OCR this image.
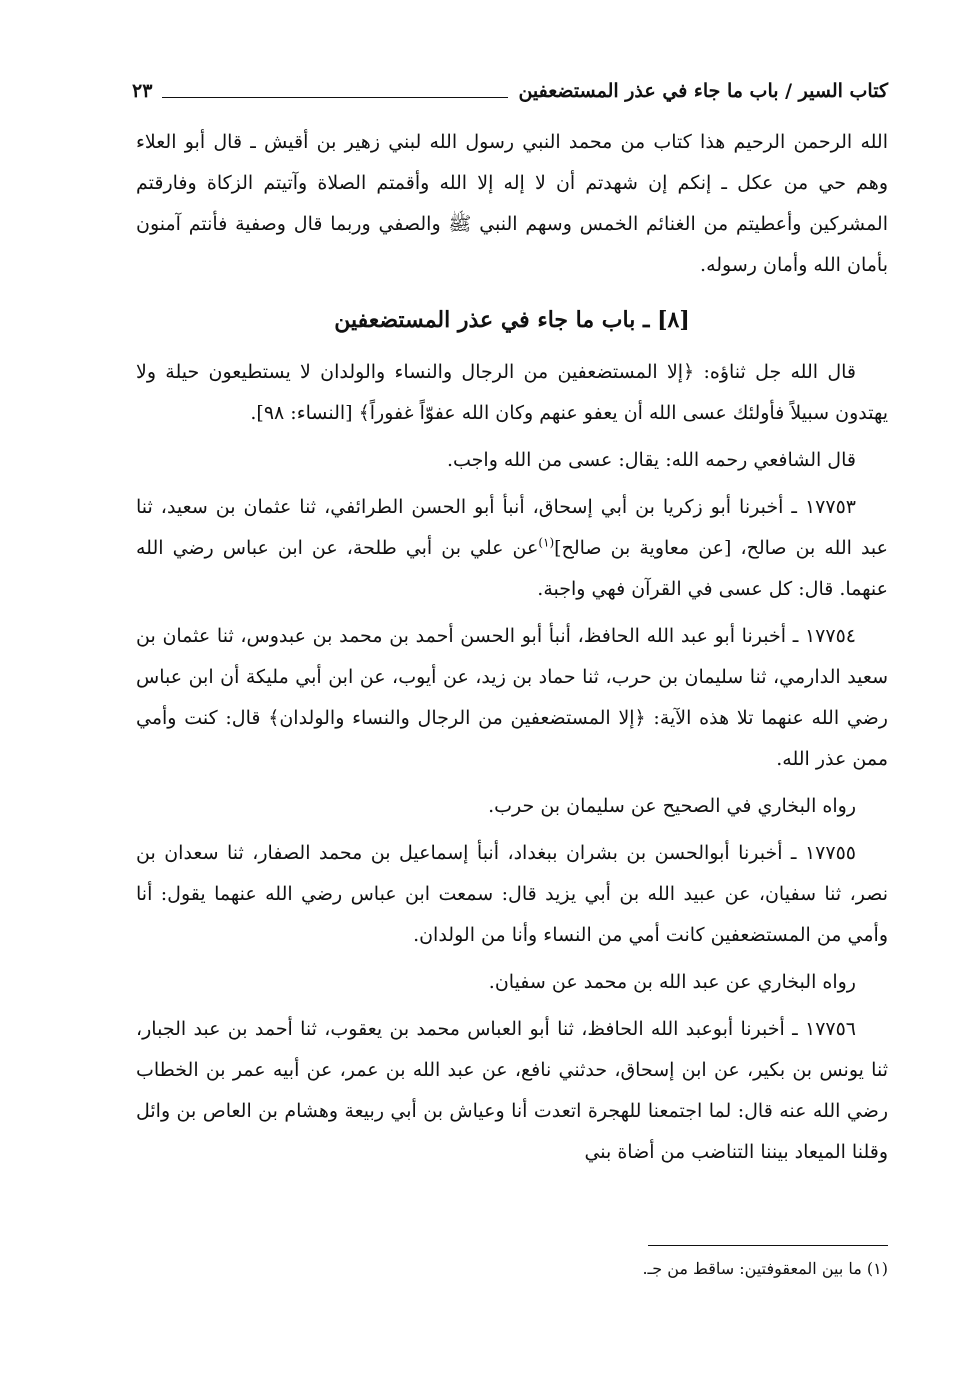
كتاب السير / باب ما جاء في عذر المستضعفين
٢٣

الله الرحمن الرحيم هذا كتاب من محمد النبي رسول الله لبني زهير بن أقيش ـ قال أبو العلاء وهم حي من عكل ـ إنكم إن شهدتم أن لا إله إلا الله وأقمتم الصلاة وآتيتم الزكاة وفارقتم المشركين وأعطيتم من الغنائم الخمس وسهم النبي ﷺ والصفي وربما قال وصفية فأنتم آمنون بأمان الله وأمان رسوله.

[٨] ـ باب ما جاء في عذر المستضعفين

قال الله جل ثناؤه: ﴿إلا المستضعفين من الرجال والنساء والولدان لا يستطيعون حيلة ولا يهتدون سبيلاً فأولئك عسى الله أن يعفو عنهم وكان الله عفوّاً غفوراً﴾ [النساء: ٩٨].

قال الشافعي رحمه الله: يقال: عسى من الله واجب.

١٧٧٥٣ ـ أخبرنا أبو زكريا بن أبي إسحاق، أنبأ أبو الحسن الطرائفي، ثنا عثمان بن سعيد، ثنا عبد الله بن صالح، [عن معاوية بن صالح]$^{(١)}$عن علي بن أبي طلحة، عن ابن عباس رضي الله عنهما. قال: كل عسى في القرآن فهي واجبة.

١٧٧٥٤ ـ أخبرنا أبو عبد الله الحافظ، أنبأ أبو الحسن أحمد بن محمد بن عبدوس، ثنا عثمان بن سعيد الدارمي، ثنا سليمان بن حرب، ثنا حماد بن زيد، عن أيوب، عن ابن أبي مليكة أن ابن عباس رضي الله عنهما تلا هذه الآية: ﴿إلا المستضعفين من الرجال والنساء والولدان﴾ قال: كنت وأمي ممن عذر الله.

رواه البخاري في الصحيح عن سليمان بن حرب.

١٧٧٥٥ ـ أخبرنا أبوالحسن بن بشران ببغداد، أنبأ إسماعيل بن محمد الصفار، ثنا سعدان بن نصر، ثنا سفيان، عن عبيد الله بن أبي يزيد قال: سمعت ابن عباس رضي الله عنهما يقول: أنا وأمي من المستضعفين كانت أمي من النساء وأنا من الولدان.

رواه البخاري عن عبد الله بن محمد عن سفيان.

١٧٧٥٦ ـ أخبرنا أبوعبد الله الحافظ، ثنا أبو العباس محمد بن يعقوب، ثنا أحمد بن عبد الجبار، ثنا يونس بن بكير، عن ابن إسحاق، حدثني نافع، عن عبد الله بن عمر، عن أبيه عمر بن الخطاب رضي الله عنه قال: لما اجتمعنا للهجرة اتعدت أنا وعياش بن أبي ربيعة وهشام بن العاص بن وائل وقلنا الميعاد بيننا التناضب من أضاة بني

(١) ما بين المعقوفتين: ساقط من جـ.
